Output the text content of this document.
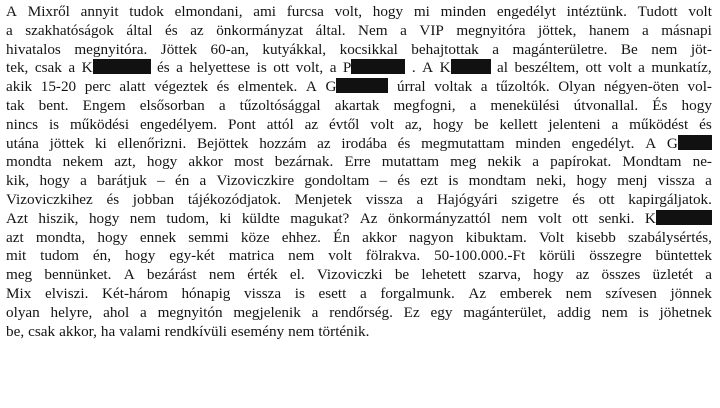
A Mixről annyit tudok elmondani, ami furcsa volt, hogy mi minden engedélyt intéztünk. Tudott volt
a szakhatóságok által és az önkormányzat által. Nem a VIP megnyitóra jöttek, hanem a másnapi
hivatalos megnyitóra. Jöttek 60-an, kutyákkal, kocsikkal behajtottak a magánterületre. Be nem jöt-
tek, csak a K	és a helyettese is ott volt, a P	. A K	al beszéltem, ott volt a munkatíz,
akik 15-20 perc alatt végeztek és elmentek. A G	úrral voltak a tűzoltók. Olyan négyen-öten vol-
tak bent. Engem elsősorban a tűzoltósággal akartak megfogni, a menekülési útvonallal. És hogy
nincs is működési engedélyem. Pont attól az évtől volt az, hogy be kellett jelenteni a működést és
utána jöttek ki ellenőrizni. Bejöttek hozzám az irodába és megmutattam minden engedélyt. A G
mondta nekem azt, hogy akkor most bezárnak. Erre mutattam meg nekik a papírokat. Mondtam ne-
kik, hogy a barátjuk – én a Vizoviczkire gondoltam – és ezt is mondtam neki, hogy menj vissza a
Vizoviczkihez és jobban tájékozódjatok. Menjetek vissza a Hajógyári szigetre és ott kapirgáljatok.
Azt hiszik, hogy nem tudom, ki küldte magukat? Az önkormányzattól nem volt ott senki. K
azt mondta, hogy ennek semmi köze ehhez. Én akkor nagyon kibuktam. Volt kisebb szabálysértés,
mit tudom én, hogy egy-két matrica nem volt fölrakva. 50-100.000.-Ft körüli összegre büntettek
meg bennünket. A bezárást nem érték el. Vizoviczki be lehetett szarva, hogy az összes üzletét a
Mix elviszi. Két-három hónapig vissza is esett a forgalmunk. Az emberek nem szívesen jönnek
olyan helyre, ahol a megnyitón megjelenik a rendőrség. Ez egy magánterület, addig nem is jöhetnek
be, csak akkor, ha valami rendkívüli esemény nem történik.
